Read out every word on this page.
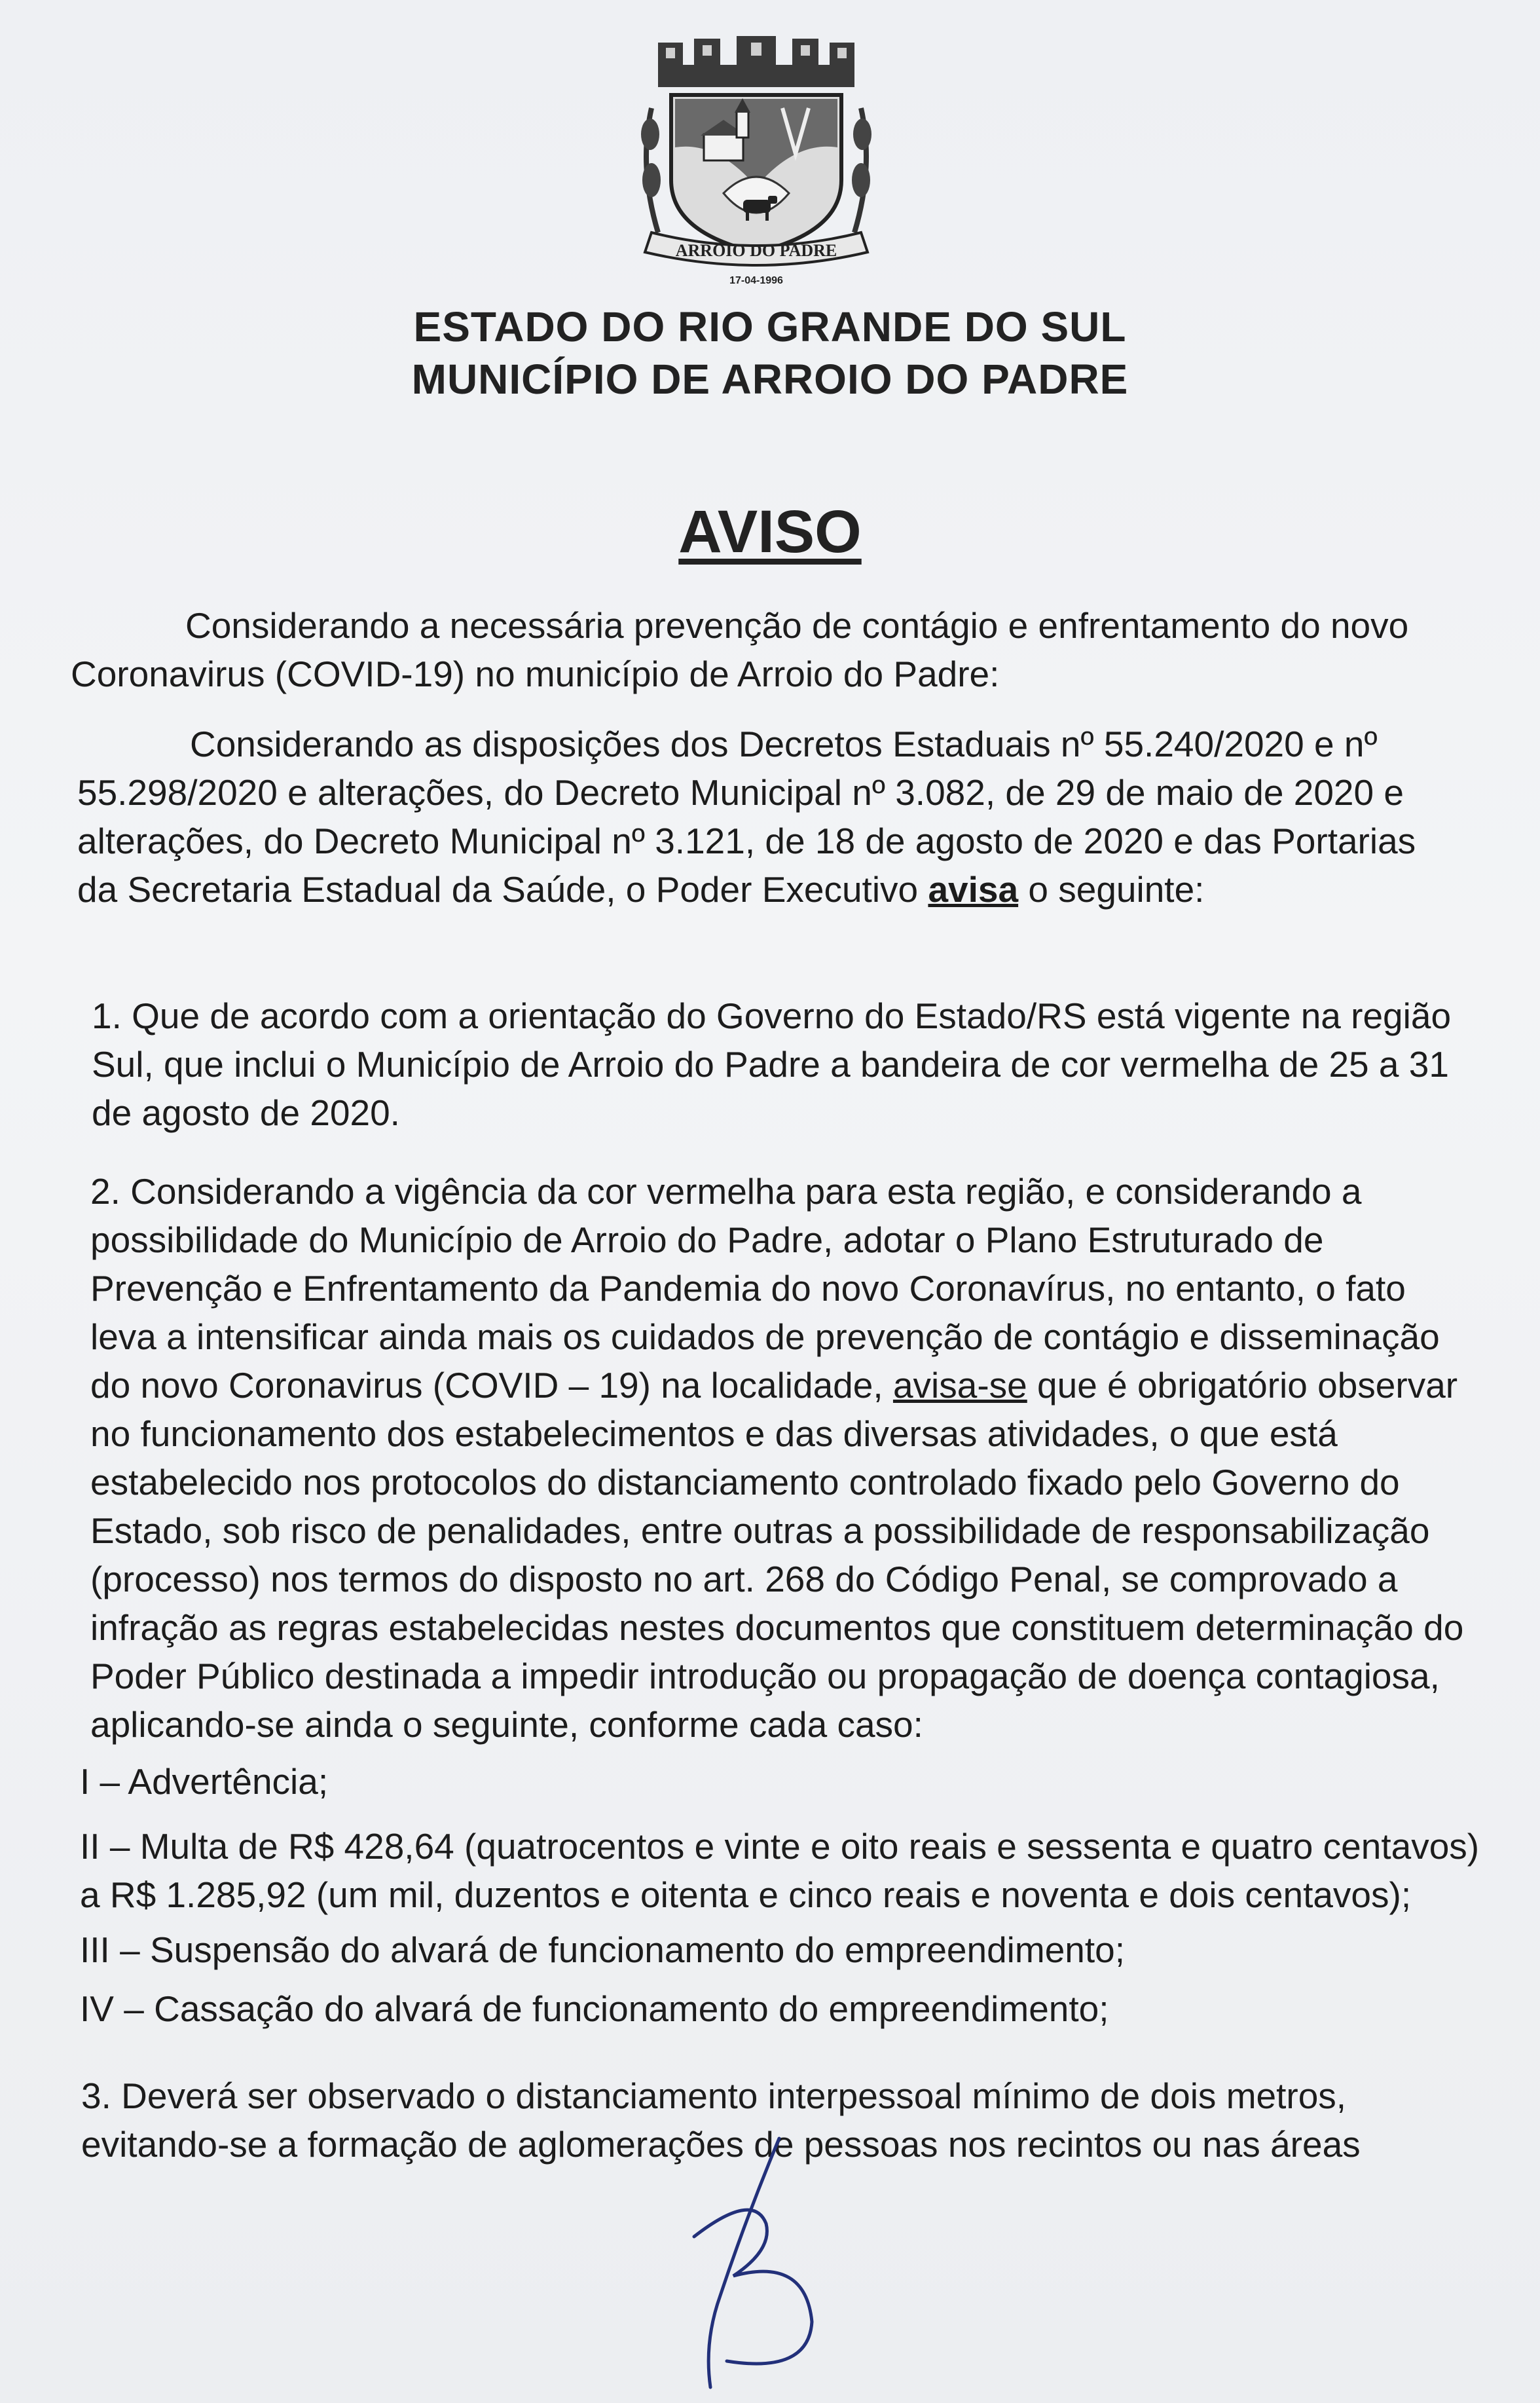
ARROIO DO PADRE
17-04-1996
ESTADO DO RIO GRANDE DO SUL
MUNICÍPIO DE ARROIO DO PADRE
AVISO
Considerando a necessária prevenção de contágio e enfrentamento do novo
Coronavirus (COVID-19) no município de Arroio do Padre:
Considerando as disposições dos Decretos Estaduais nº 55.240/2020 e nº
55.298/2020 e alterações, do Decreto Municipal nº 3.082, de 29 de maio de 2020 e
alterações, do Decreto Municipal nº 3.121, de 18 de agosto de 2020 e das Portarias
da Secretaria Estadual da Saúde, o Poder Executivo avisa o seguinte:
1. Que de acordo com a orientação do Governo do Estado/RS está vigente na região
Sul, que inclui o Município de Arroio do Padre a bandeira de cor vermelha de 25 a 31
de agosto de 2020.
2. Considerando a vigência da cor vermelha para esta região, e considerando a
possibilidade do Município de Arroio do Padre, adotar o Plano Estruturado de
Prevenção e Enfrentamento da Pandemia do novo Coronavírus, no entanto, o fato
leva a intensificar ainda mais os cuidados de prevenção de contágio e disseminação
do novo Coronavirus (COVID – 19) na localidade, avisa-se que é obrigatório observar
no funcionamento dos estabelecimentos e das diversas atividades, o que está
estabelecido nos protocolos do distanciamento controlado fixado pelo Governo do
Estado, sob risco de penalidades, entre outras a possibilidade de responsabilização
(processo) nos termos do disposto no art. 268 do Código Penal, se comprovado a
infração as regras estabelecidas nestes documentos que constituem determinação do
Poder Público destinada a impedir introdução ou propagação de doença contagiosa,
aplicando-se ainda o seguinte, conforme cada caso:
I – Advertência;
II – Multa de R$ 428,64 (quatrocentos e vinte e oito reais e sessenta e quatro centavos)
a R$ 1.285,92 (um mil, duzentos e oitenta e cinco reais e noventa e dois centavos);
III – Suspensão do alvará de funcionamento do empreendimento;
IV – Cassação do alvará de funcionamento do empreendimento;
3. Deverá ser observado o distanciamento interpessoal mínimo de dois metros,
evitando-se a formação de aglomerações de pessoas nos recintos ou nas áreas
